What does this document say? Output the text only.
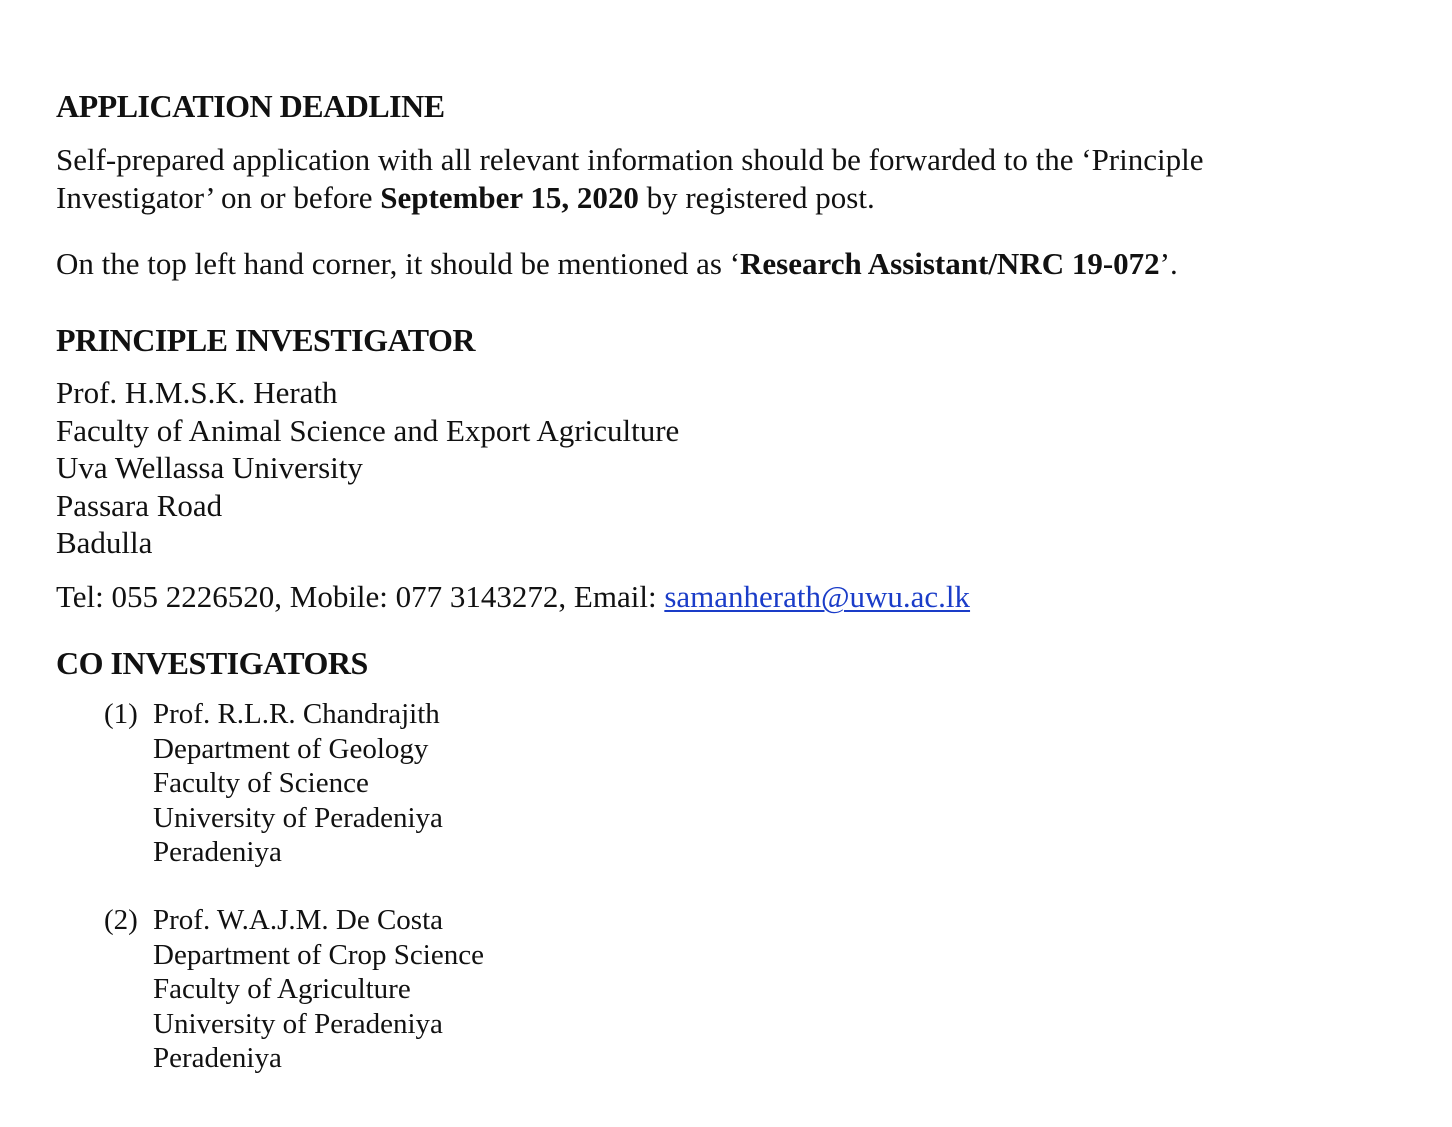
APPLICATION DEADLINE
Self-prepared application with all relevant information should be forwarded to the ‘Principle
Investigator’ on or before September 15, 2020 by registered post.
On the top left hand corner, it should be mentioned as ‘Research Assistant/NRC 19-072’.
PRINCIPLE INVESTIGATOR
Prof. H.M.S.K. Herath
Faculty of Animal Science and Export Agriculture
Uva Wellassa University
Passara Road
Badulla
Tel: 055 2226520, Mobile: 077 3143272, Email: samanherath@uwu.ac.lk
CO INVESTIGATORS
(1) Prof. R.L.R. Chandrajith
Department of Geology
Faculty of Science
University of Peradeniya
Peradeniya
(2) Prof. W.A.J.M. De Costa
Department of Crop Science
Faculty of Agriculture
University of Peradeniya
Peradeniya
